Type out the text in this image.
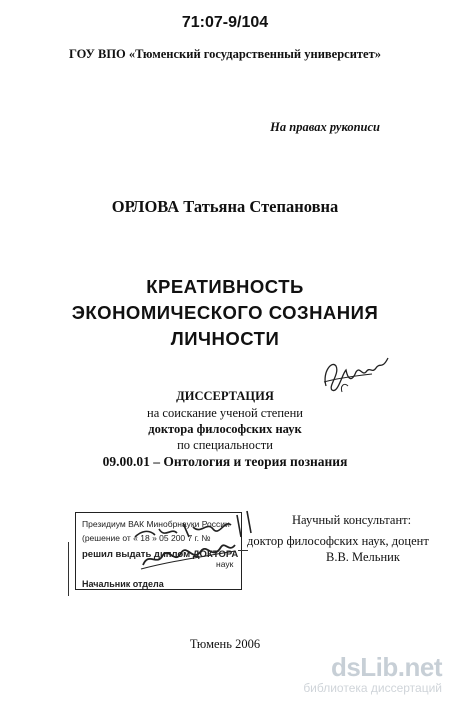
71:07-9/104
ГОУ ВПО «Тюменский государственный университет»
На правах рукописи
ОРЛОВА Татьяна Степановна
КРЕАТИВНОСТЬ
ЭКОНОМИЧЕСКОГО СОЗНАНИЯ
ЛИЧНОСТИ
ДИССЕРТАЦИЯ
на соискание ученой степени
доктора философских наук
по специальности
09.00.01 – Онтология и теория познания
Президиум ВАК Минобрнауки России
(решение от « 18 » 05 200 7 г. №
решил выдать диплом ДОКТОРА
наук
Начальник отдела
Научный консультант:
доктор философских наук, доцент
В.В. Мельник
Тюмень 2006
dsLib.net
библиотека диссертаций
